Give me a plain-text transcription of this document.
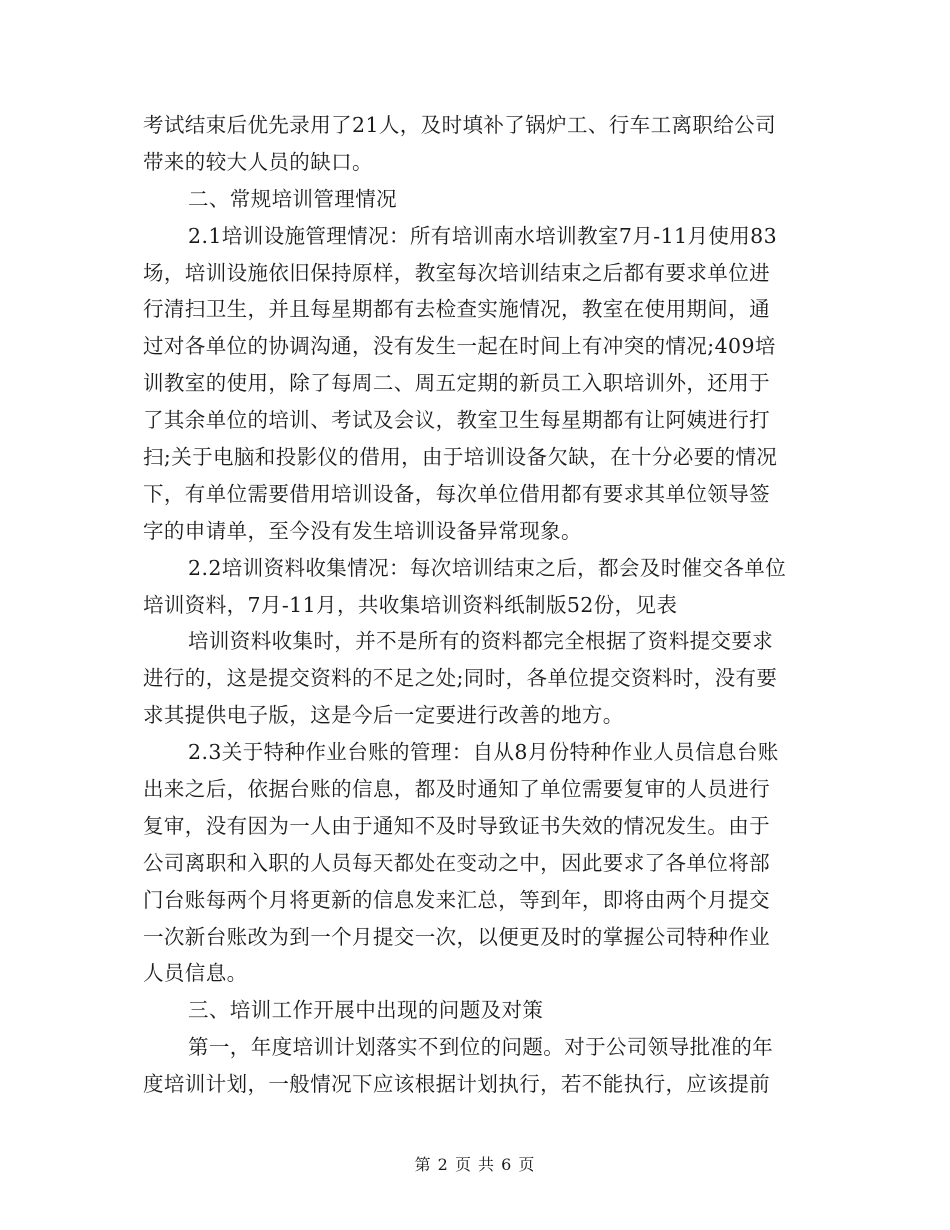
考试结束后优先录用了21人，及时填补了锅炉工、行车工离职给公司
带来的较大人员的缺口。
二、常规培训管理情况
2.1培训设施管理情况：所有培训南水培训教室7月-11月使用83
场，培训设施依旧保持原样，教室每次培训结束之后都有要求单位进
行清扫卫生，并且每星期都有去检查实施情况，教室在使用期间，通
过对各单位的协调沟通，没有发生一起在时间上有冲突的情况;409培
训教室的使用，除了每周二、周五定期的新员工入职培训外，还用于
了其余单位的培训、考试及会议，教室卫生每星期都有让阿姨进行打
扫;关于电脑和投影仪的借用，由于培训设备欠缺，在十分必要的情况
下，有单位需要借用培训设备，每次单位借用都有要求其单位领导签
字的申请单，至今没有发生培训设备异常现象。
2.2培训资料收集情况：每次培训结束之后，都会及时催交各单位
培训资料，7月-11月，共收集培训资料纸制版52份，见表
培训资料收集时，并不是所有的资料都完全根据了资料提交要求
进行的，这是提交资料的不足之处;同时，各单位提交资料时，没有要
求其提供电子版，这是今后一定要进行改善的地方。
2.3关于特种作业台账的管理：自从8月份特种作业人员信息台账
出来之后，依据台账的信息，都及时通知了单位需要复审的人员进行
复审，没有因为一人由于通知不及时导致证书失效的情况发生。由于
公司离职和入职的人员每天都处在变动之中，因此要求了各单位将部
门台账每两个月将更新的信息发来汇总，等到年，即将由两个月提交
一次新台账改为到一个月提交一次，以便更及时的掌握公司特种作业
人员信息。
三、培训工作开展中出现的问题及对策
第一，年度培训计划落实不到位的问题。对于公司领导批准的年
度培训计划，一般情况下应该根据计划执行，若不能执行，应该提前
第 2 页 共 6 页
